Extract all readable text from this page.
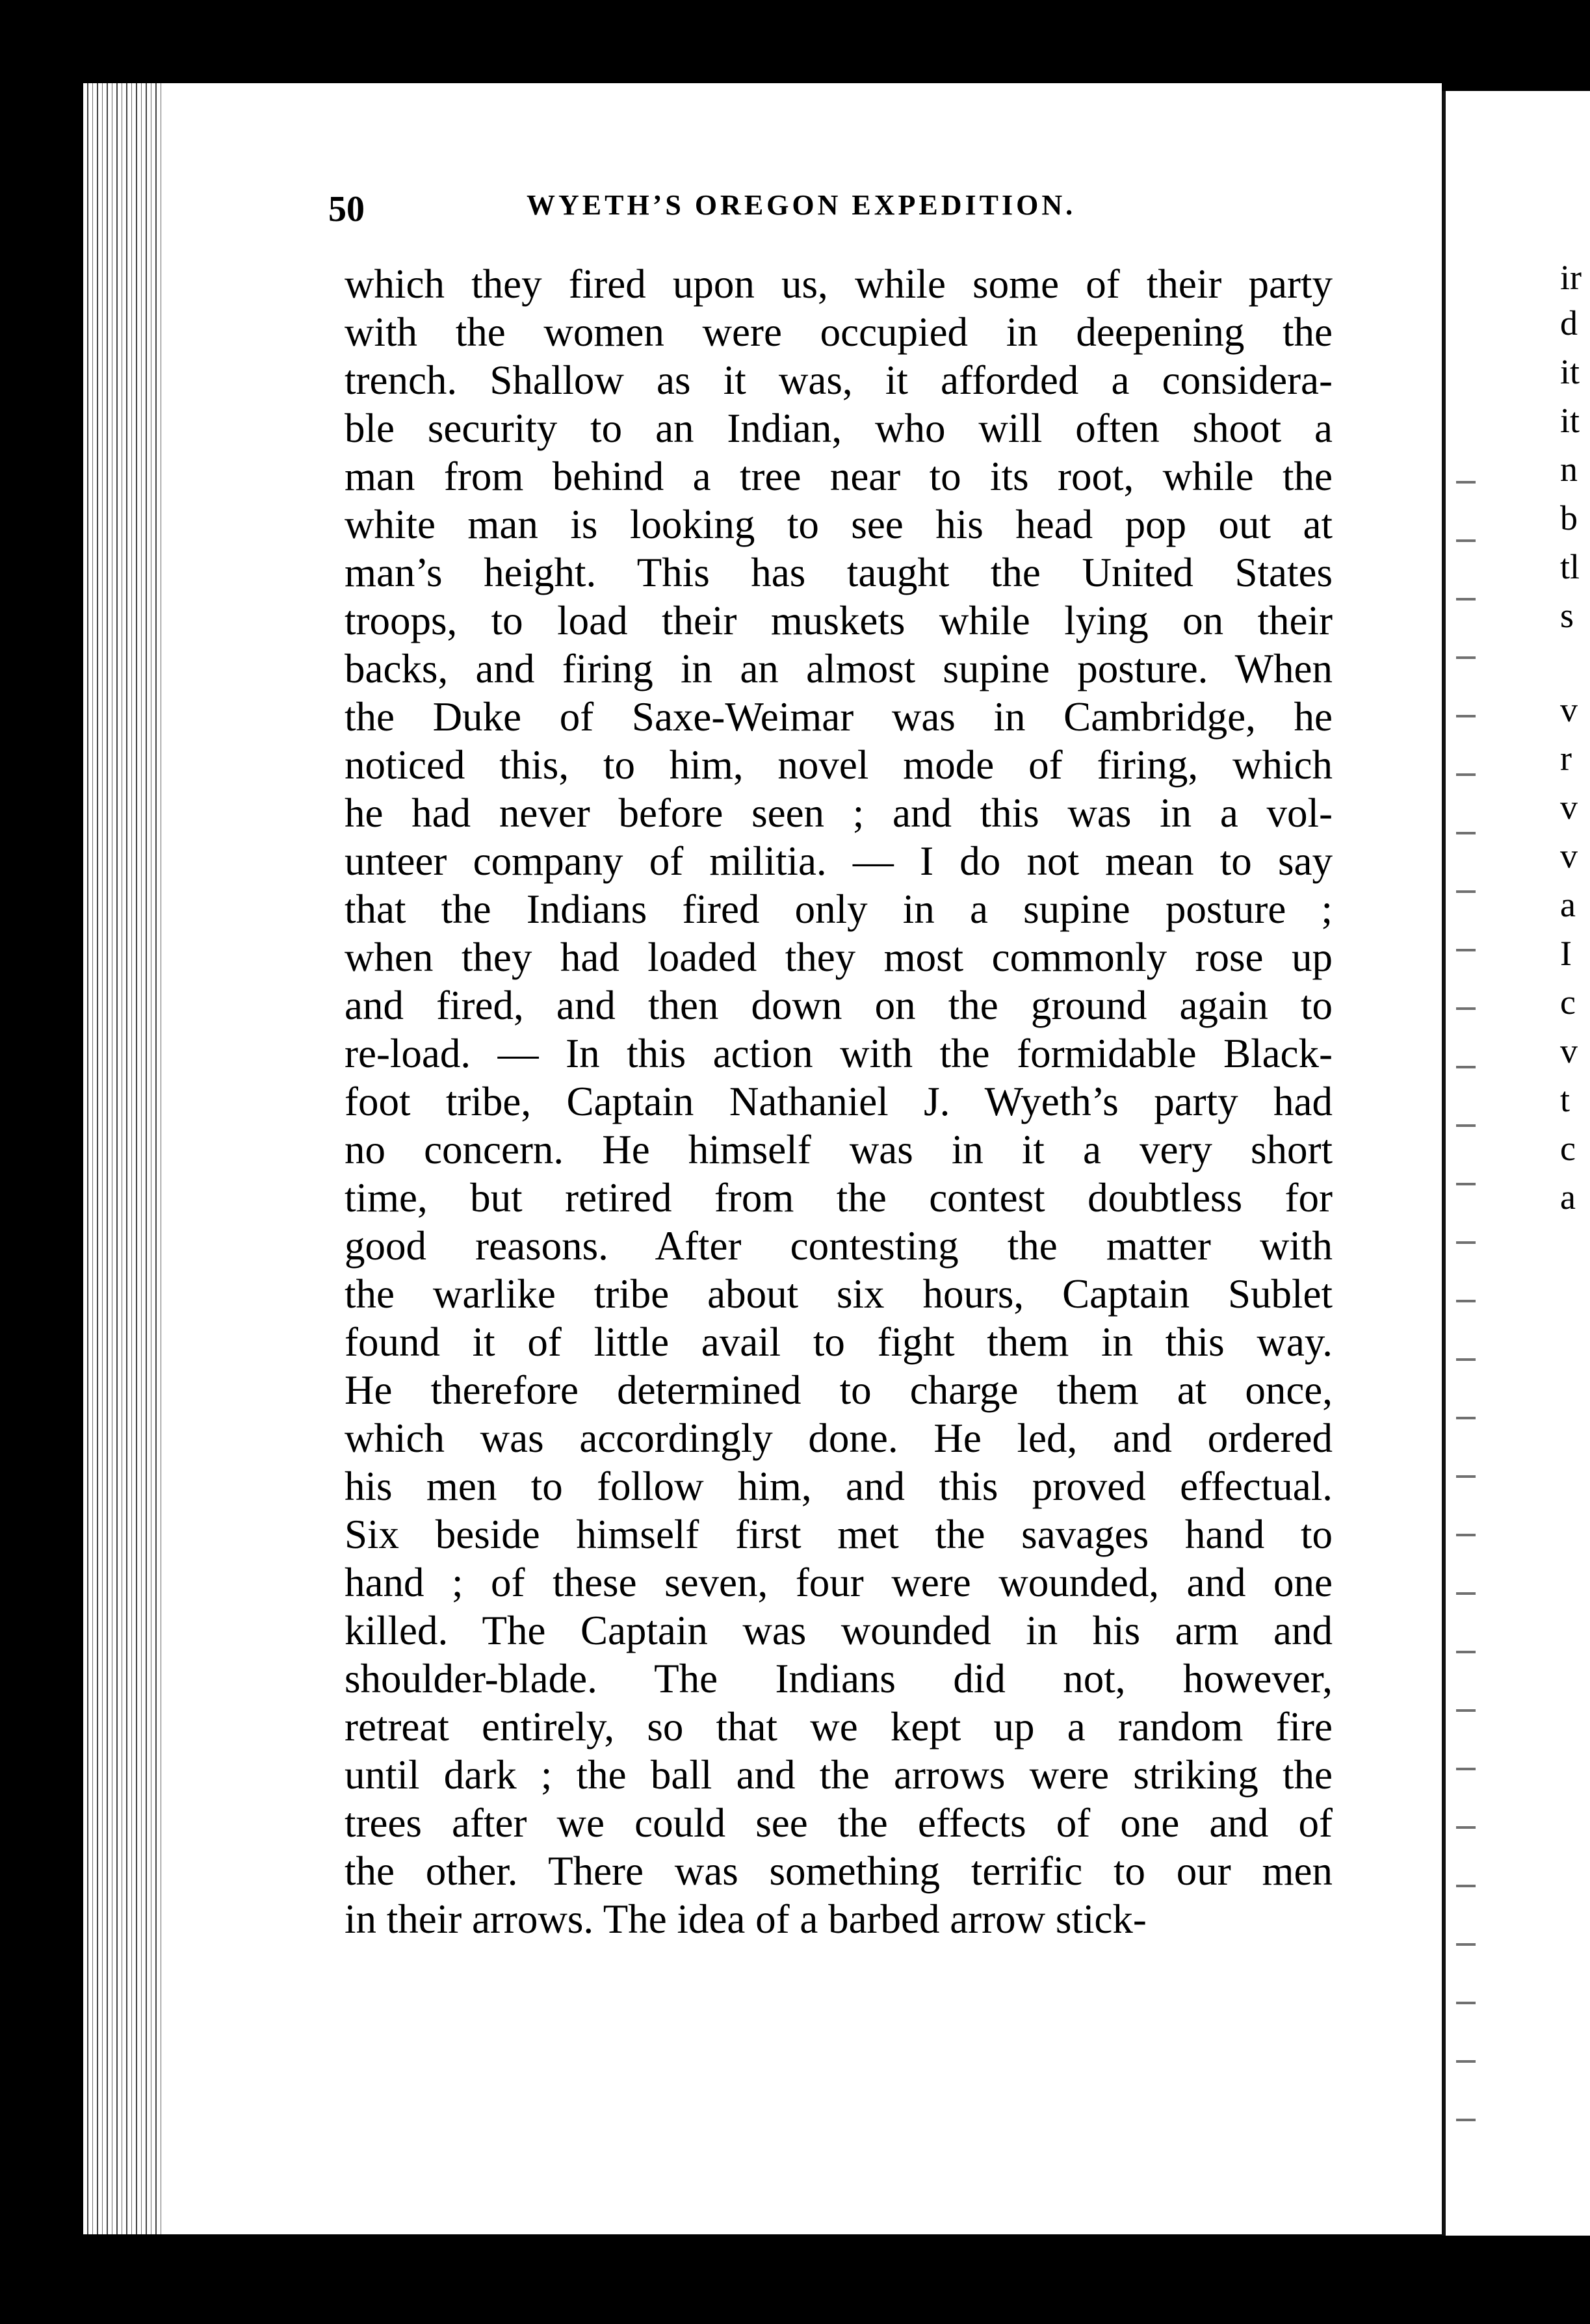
50	WYETH’S OREGON EXPEDITION.
which they fired upon us, while some of their party
with the women were occupied in deepening the
trench. Shallow as it was, it afforded a considera-
ble security to an Indian, who will often shoot a
man from behind a tree near to its root, while the
white man is looking to see his head pop out at
man’s height. This has taught the United States
troops, to load their muskets while lying on their
backs, and firing in an almost supine posture. When
the Duke of Saxe-Weimar was in Cambridge, he
noticed this, to him, novel mode of firing, which
he had never before seen ; and this was in a vol-
unteer company of militia. — I do not mean to say
that the Indians fired only in a supine posture ;
when they had loaded they most commonly rose up
and fired, and then down on the ground again to
re-load. — In this action with the formidable Black-
foot tribe, Captain Nathaniel J. Wyeth’s party had
no concern. He himself was in it a very short
time, but retired from the contest doubtless for
good reasons. After contesting the matter with
the warlike tribe about six hours, Captain Sublet
found it of little avail to fight them in this way.
He therefore determined to charge them at once,
which was accordingly done. He led, and ordered
his men to follow him, and this proved effectual.
Six beside himself first met the savages hand to
hand ; of these seven, four were wounded, and one
killed. The Captain was wounded in his arm and
shoulder-blade. The Indians did not, however,
retreat entirely, so that we kept up a random fire
until dark ; the ball and the arrows were striking the
trees after we could see the effects of one and of
the other. There was something terrific to our men
in their arrows. The idea of a barbed arrow stick-
ir
d
it
it
n
b
tl
s
v
r
v
v
a
I
c
v
t
c
a
